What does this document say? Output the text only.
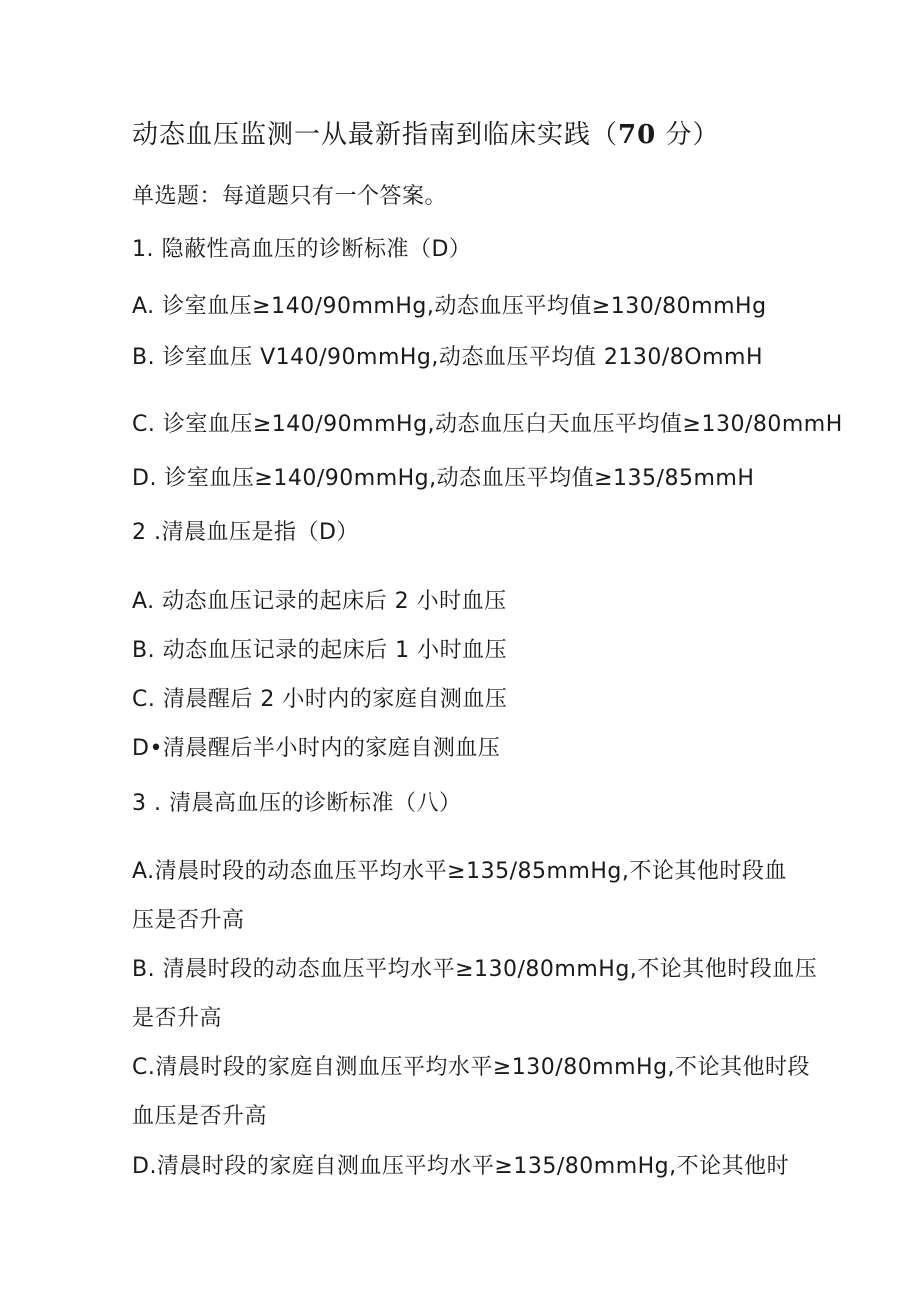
动态血压监测一从最新指南到临床实践（70 分）
单选题：每道题只有一个答案。
1. 隐蔽性高血压的诊断标准（D）
A. 诊室血压≥140∕90mmHg,动态血压平均值≥130∕80mmHg
B. 诊室血压 V140∕90mmHg,动态血压平均值 2130/8OmmH
C. 诊室血压≥140∕90mmHg,动态血压白天血压平均值≥130∕80mmH
D. 诊室血压≥140∕90mmHg,动态血压平均值≥135∕85mmH
2 .清晨血压是指（D）
A. 动态血压记录的起床后 2 小时血压
B. 动态血压记录的起床后 1 小时血压
C. 清晨醒后 2 小时内的家庭自测血压
D•清晨醒后半小时内的家庭自测血压
3 . 清晨高血压的诊断标准（八）
A.清晨时段的动态血压平均水平≥135/85mmHg,不论其他时段血
压是否升高
B. 清晨时段的动态血压平均水平≥130∕80mmHg,不论其他时段血压
是否升高
C.清晨时段的家庭自测血压平均水平≥130∕80mmHg,不论其他时段
血压是否升高
D.清晨时段的家庭自测血压平均水平≥135∕80mmHg,不论其他时
